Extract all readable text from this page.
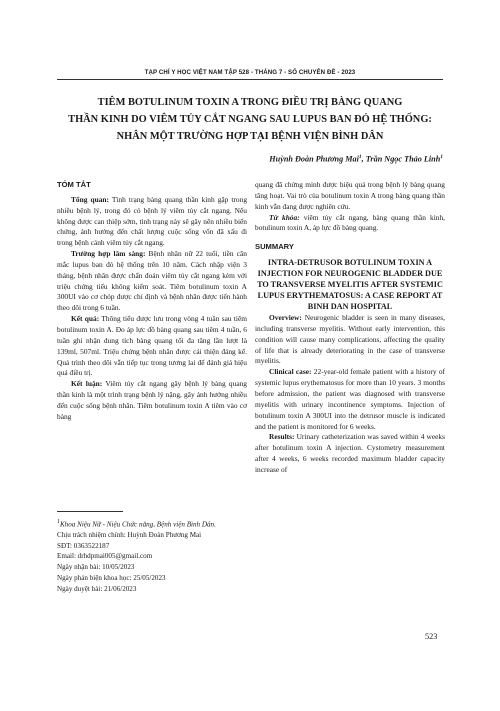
TẠP CHÍ Y HỌC VIỆT NAM TẬP 528 - THÁNG 7 - SỐ CHUYÊN ĐỀ - 2023
TIÊM BOTULINUM TOXIN A TRONG ĐIỀU TRỊ BÀNG QUANG
THẦN KINH DO VIÊM TỦY CẮT NGANG SAU LUPUS BAN ĐỎ HỆ THỐNG:
NHÂN MỘT TRƯỜNG HỢP TẠI BỆNH VIỆN BÌNH DÂN
Huỳnh Đoàn Phương Mai$^1$, Trần Ngọc Thảo Linh$^1$

TÓM TẮT

Tổng quan: Tình trạng bàng quang thần kinh gặp trong nhiều bệnh lý, trong đó có bệnh lý viêm tủy cắt ngang. Nếu không được can thiệp sớm, tình trạng này sẽ gây nên nhiều biến chứng, ảnh hưởng đến chất lượng cuộc sống vốn đã xấu đi trong bệnh cảnh viêm tủy cắt ngang.

Trường hợp lâm sàng: Bệnh nhân nữ 22 tuổi, tiền căn mắc lupus ban đỏ hệ thống trên 10 năm. Cách nhập viện 3 tháng, bệnh nhân được chẩn đoán viêm tủy cắt ngang kèm với triệu chứng tiểu không kiểm soát. Tiêm botulinum toxin A 300UI vào cơ chóp được chỉ định và bệnh nhân được tiến hành theo dõi trong 6 tuần.

Kết quả: Thông tiểu được lưu trong vòng 4 tuần sau tiêm botulinum toxin A. Đo áp lực đồ bàng quang sau tiêm 4 tuần, 6 tuần ghi nhận dung tích bàng quang tối đa tăng lần lượt là 139ml, 507ml. Triệu chứng bệnh nhân được cải thiện đáng kể. Quá trình theo dõi vẫn tiếp tục trong tương lai để đánh giá hiệu quả điều trị.

Kết luận: Viêm tủy cắt ngang gây bệnh lý bàng quang thần kinh là một trình trạng bệnh lý nặng, gây ảnh hưởng nhiều đến cuộc sống bệnh nhân. Tiêm botulinum toxin A tiêm vào cơ bàng

$^1$Khoa Niệu Nữ - Niệu Chức năng, Bệnh viện Bình Dân.

Chịu trách nhiệm chính: Huỳnh Đoàn Phương Mai

SĐT: 0363522187

Email: drhdpmai005@gmail.com

Ngày nhận bài: 10/05/2023

Ngày phản biện khoa học: 25/05/2023

Ngày duyệt bài: 21/06/2023

quang đã chứng minh được hiệu quả trong bệnh lý bàng quang tăng hoạt. Vai trò của botulinum toxin A trong bàng quang thần kinh vẫn đang được nghiên cứu.

Từ khóa: viêm tủy cắt ngang, bàng quang thần kinh, botulinum toxin A, áp lực đồ bàng quang.

SUMMARY

INTRA-DETRUSOR BOTULINUM TOXIN A INJECTION FOR NEUROGENIC BLADDER DUE TO TRANSVERSE MYELITIS AFTER SYSTEMIC LUPUS ERYTHEMATOSUS: A CASE REPORT AT BINH DAN HOSPITAL

Overview: Neurogenic bladder is seen in many diseases, including transverse myelitis. Without early intervention, this condition will cause many complications, affecting the quality of life that is already deteriorating in the case of transverse myelitis.

Clinical case: 22-year-old female patient with a history of systemic lupus erythematosus for more than 10 years. 3 months before admission, the patient was diagnosed with transverse myelitis with urinary incontinence symptoms. Injection of botulinum toxin A 300UI into the detrusor muscle is indicated and the patient is monitored for 6 weeks.

Results: Urinary catheterization was saved within 4 weeks after botulinum toxin A injection. Cystometry measurement after 4 weeks, 6 weeks recorded maximum bladder capacity increase of

523
